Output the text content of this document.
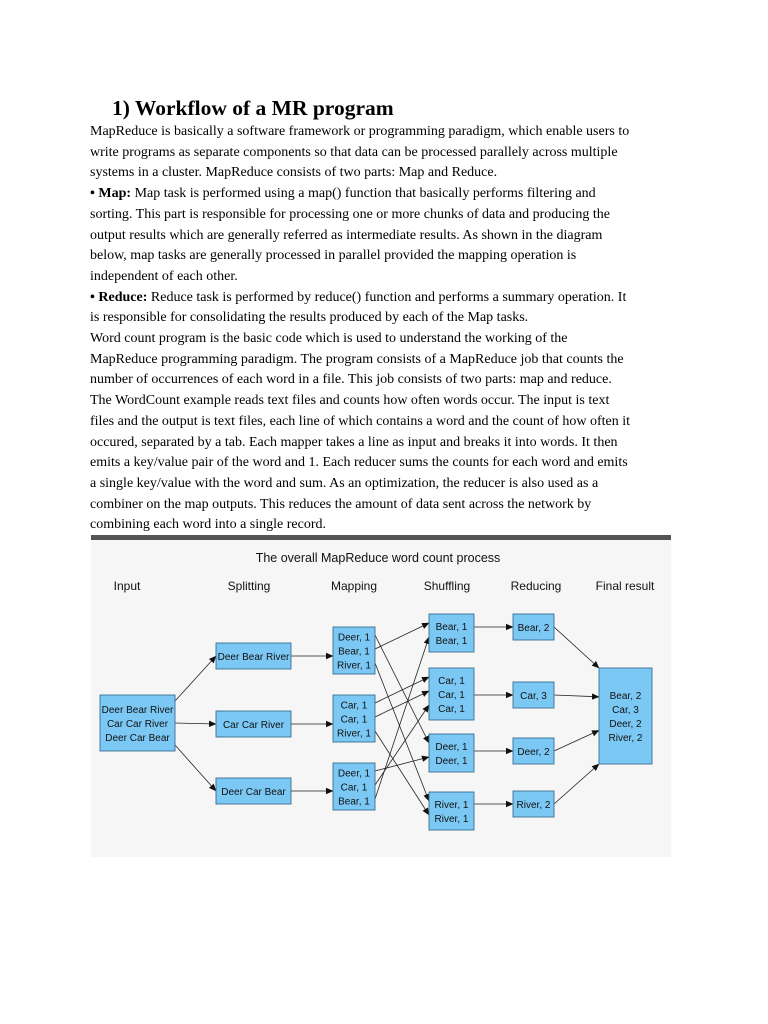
1) Workflow of a MR program
MapReduce is basically a software framework or programming paradigm, which enable users to
write programs as separate components so that data can be processed parallely across multiple
systems in a cluster. MapReduce consists of two parts: Map and Reduce.
• Map: Map task is performed using a map() function that basically performs filtering and
sorting. This part is responsible for processing one or more chunks of data and producing the
output results which are generally referred as intermediate results. As shown in the diagram
below, map tasks are generally processed in parallel provided the mapping operation is
independent of each other.
• Reduce: Reduce task is performed by reduce() function and performs a summary operation. It
is responsible for consolidating the results produced by each of the Map tasks.
Word count program is the basic code which is used to understand the working of the
MapReduce programming paradigm. The program consists of a MapReduce job that counts the
number of occurrences of each word in a file. This job consists of two parts: map and reduce.
The WordCount example reads text files and counts how often words occur. The input is text
files and the output is text files, each line of which contains a word and the count of how often it
occured, separated by a tab. Each mapper takes a line as input and breaks it into words. It then
emits a key/value pair of the word and 1. Each reducer sums the counts for each word and emits
a single key/value with the word and sum. As an optimization, the reducer is also used as a
combiner on the map outputs. This reduces the amount of data sent across the network by
combining each word into a single record.
Deer Bear River
Car Car River
Deer Car Bear
Deer Bear River
Car Car River
Deer Car Bear
Deer, 1
Bear, 1
River, 1
Car, 1
Car, 1
River, 1
Deer, 1
Car, 1
Bear, 1
Bear, 1
Bear, 1
Car, 1
Car, 1
Car, 1
Deer, 1
Deer, 1
River, 1
River, 1
Bear, 2
Car, 3
Deer, 2
River, 2
Bear, 2
Car, 3
Deer, 2
River, 2
The overall MapReduce word count process
Input	Splitting	Mapping	Shuffling	Reducing	Final result
